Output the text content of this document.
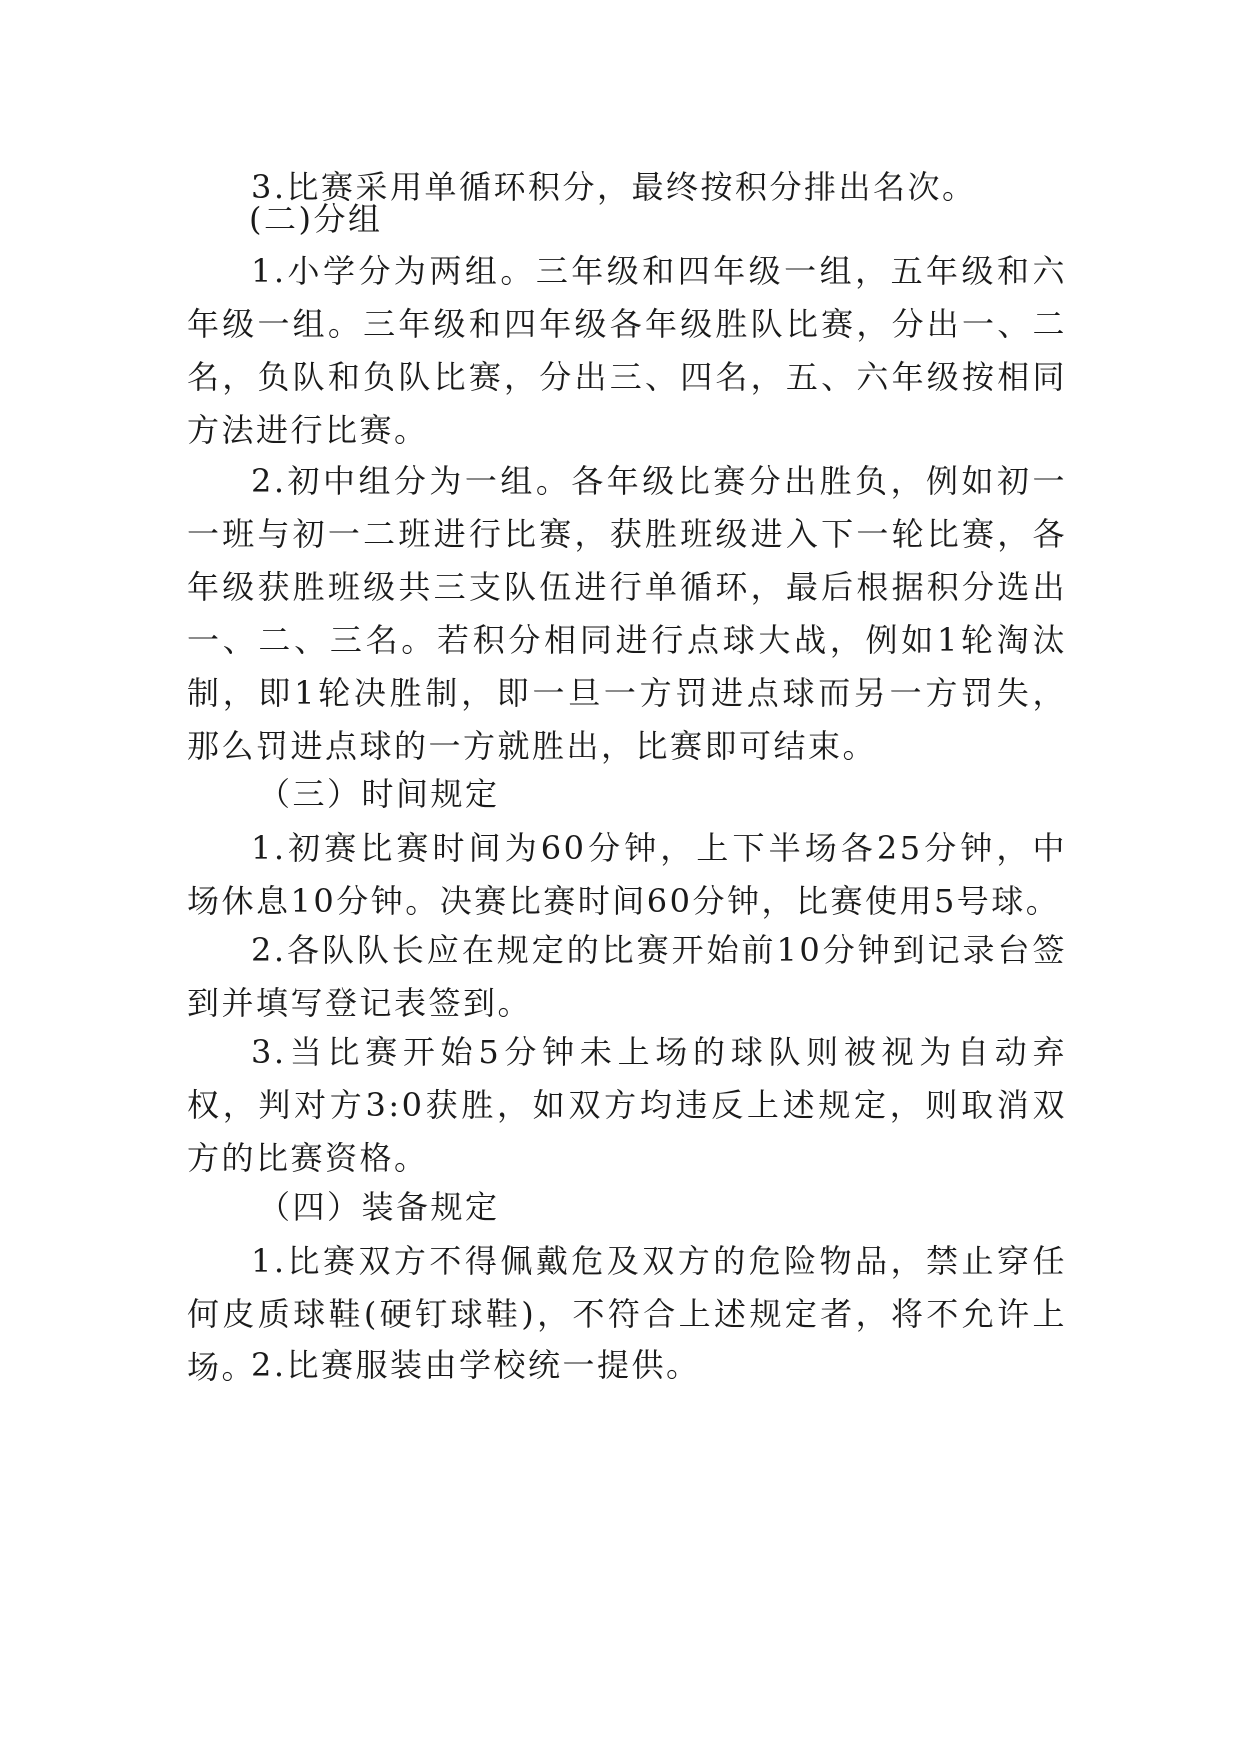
3.比赛采用单循环积分，最终按积分排出名次。

(二)分组

1.小学分为两组。三年级和四年级一组，五年级和六年级一组。三年级和四年级各年级胜队比赛，分出一、二名，负队和负队比赛，分出三、四名，五、六年级按相同方法进行比赛。

2.初中组分为一组。各年级比赛分出胜负，例如初一一班与初一二班进行比赛，获胜班级进入下一轮比赛，各年级获胜班级共三支队伍进行单循环，最后根据积分选出一、二、三名。若积分相同进行点球大战，例如1轮淘汰制，即1轮决胜制，即一旦一方罚进点球而另一方罚失，那么罚进点球的一方就胜出，比赛即可结束。

（三）时间规定

1.初赛比赛时间为60分钟，上下半场各25分钟，中场休息10分钟。决赛比赛时间60分钟，比赛使用5号球。

2.各队队长应在规定的比赛开始前10分钟到记录台签到并填写登记表签到。

3.当比赛开始5分钟未上场的球队则被视为自动弃权，判对方3:0获胜，如双方均违反上述规定，则取消双方的比赛资格。

（四）装备规定

1.比赛双方不得佩戴危及双方的危险物品，禁止穿任何皮质球鞋(硬钉球鞋)，不符合上述规定者，将不允许上场。

2.比赛服装由学校统一提供。
